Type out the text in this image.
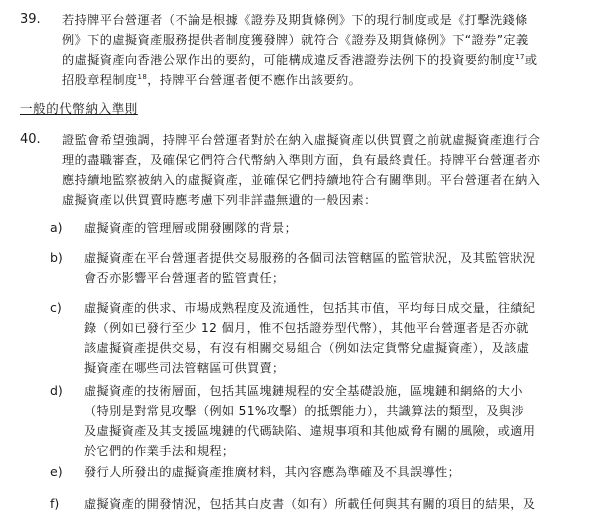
39. 若持牌平台營運者（不論是根據《證券及期貨條例》下的現行制度或是《打擊洗錢條
例》下的虛擬資產服務提供者制度獲發牌）就符合《證券及期貨條例》下“證券”定義
的虛擬資產向香港公眾作出的要約，可能構成違反香港證券法例下的投資要約制度$^{17}$或
招股章程制度$^{18}$，持牌平台營運者便不應作出該要約。
一般的代幣納入準則
40. 證監會希望強調，持牌平台營運者對於在納入虛擬資產以供買賣之前就虛擬資產進行合
理的盡職審查，及確保它們符合代幣納入準則方面，負有最終責任。持牌平台營運者亦
應持續地監察被納入的虛擬資產，並確保它們持續地符合有關準則。平台營運者在納入
虛擬資產以供買賣時應考慮下列非詳盡無遺的一般因素：
a) 虛擬資產的管理層或開發團隊的背景；
b) 虛擬資產在平台營運者提供交易服務的各個司法管轄區的監管狀況，及其監管狀況
會否亦影響平台營運者的監管責任；
c) 虛擬資產的供求、市場成熟程度及流通性，包括其市值，平均每日成交量，往績紀
錄（例如已發行至少 12 個月，惟不包括證券型代幣），其他平台營運者是否亦就
該虛擬資產提供交易，有沒有相關交易組合（例如法定貨幣兌虛擬資產），及該虛
擬資產在哪些司法管轄區可供買賣；
d) 虛擬資產的技術層面，包括其區塊鏈規程的安全基礎設施，區塊鏈和網絡的大小
（特別是對常見攻擊（例如 51%攻擊）的抵禦能力），共識算法的類型，及與涉
及虛擬資產及其支援區塊鏈的代碼缺陷、違規事項和其他威脅有關的風險，或適用
於它們的作業手法和規程；
e) 發行人所發出的虛擬資產推廣材料，其內容應為準確及不具誤導性；
f) 虛擬資產的開發情況，包括其白皮書（如有）所載任何與其有關的項目的結果，及
